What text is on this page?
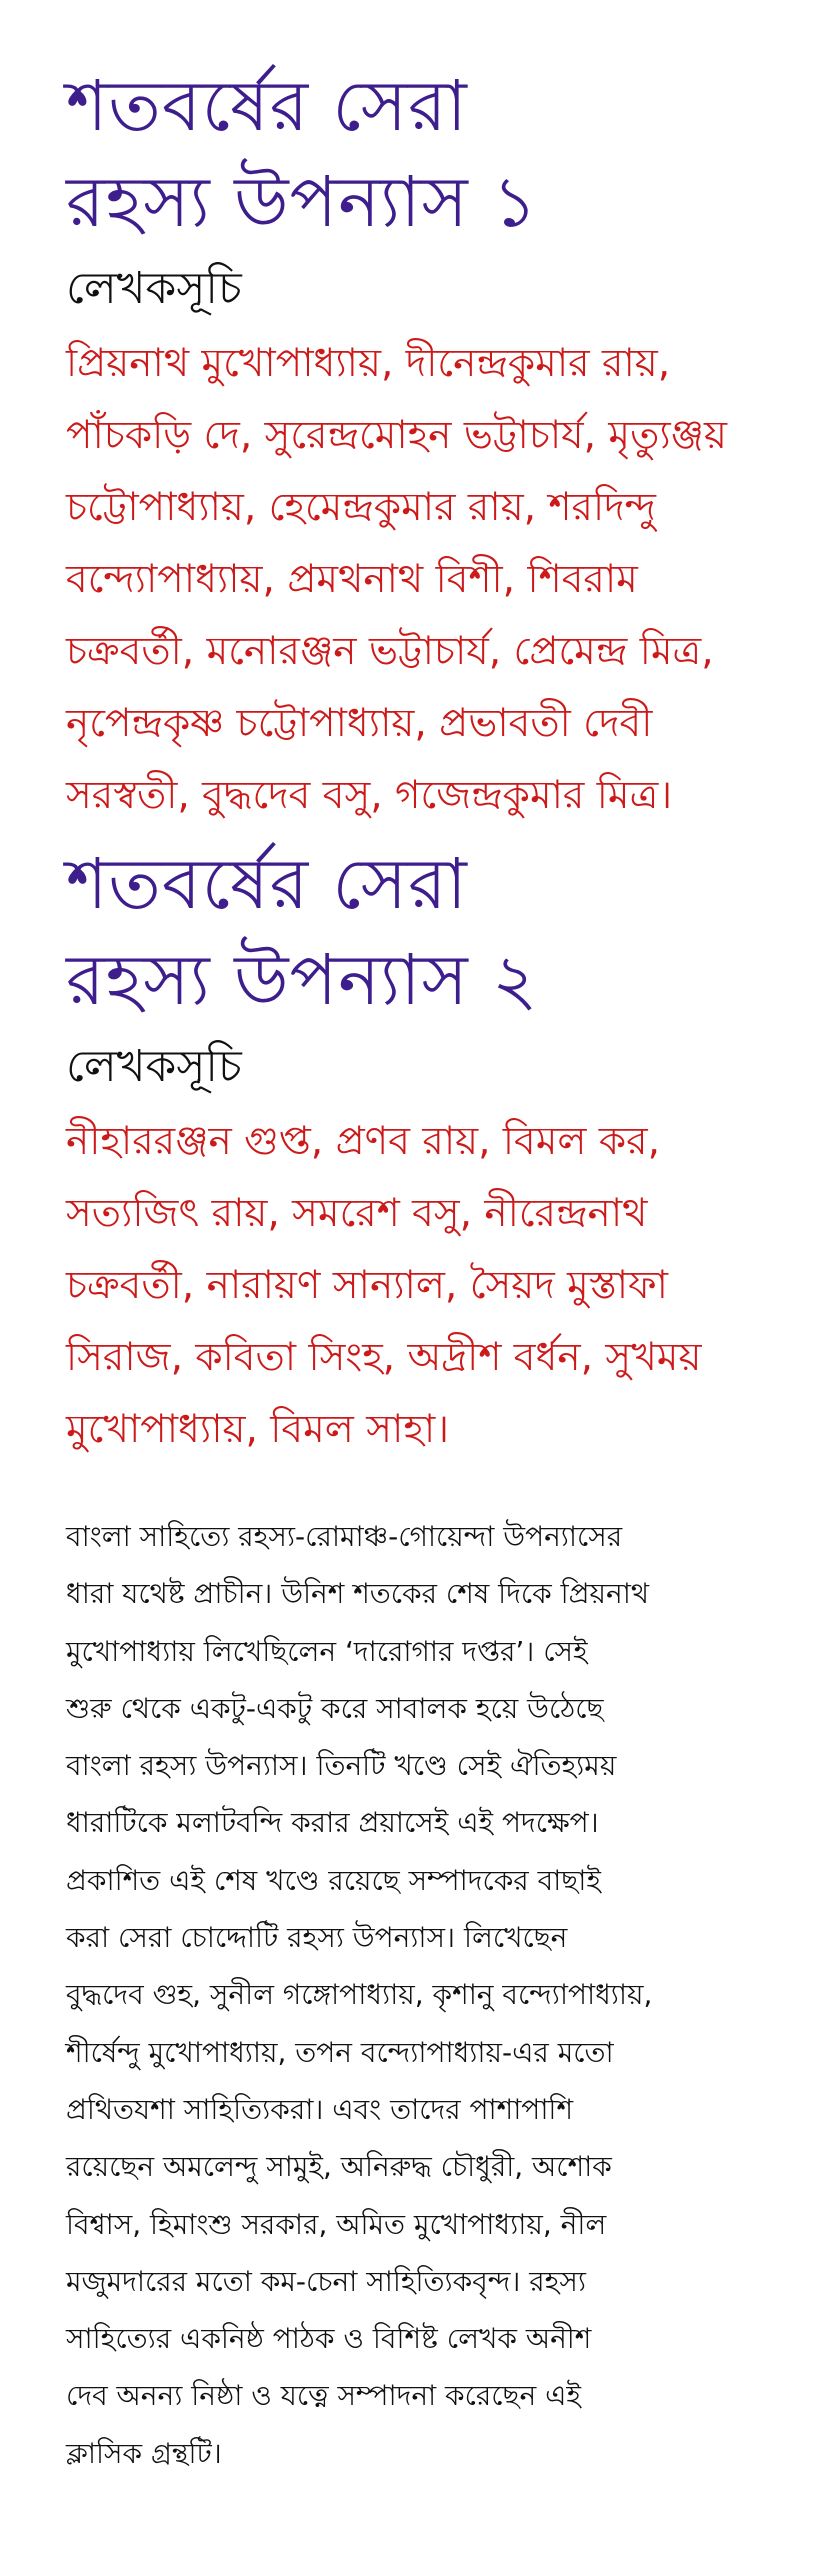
শতবর্ষের সেরা
রহস্য উপন্যাস ১
লেখকসূচি
প্রিয়নাথ মুখোপাধ্যায়, দীনেন্দ্রকুমার রায়,
পাঁচকড়ি দে, সুরেন্দ্রমোহন ভট্টাচার্য, মৃত্যুঞ্জয়
চট্টোপাধ্যায়, হেমেন্দ্রকুমার রায়, শরদিন্দু
বন্দ্যোপাধ্যায়, প্রমথনাথ বিশী, শিবরাম
চক্রবর্তী, মনোরঞ্জন ভট্টাচার্য, প্রেমেন্দ্র মিত্র,
নৃপেন্দ্রকৃষ্ণ চট্টোপাধ্যায়, প্রভাবতী দেবী
সরস্বতী, বুদ্ধদেব বসু, গজেন্দ্রকুমার মিত্র।
শতবর্ষের সেরা
রহস্য উপন্যাস ২
লেখকসূচি
নীহাররঞ্জন গুপ্ত, প্রণব রায়, বিমল কর,
সত্যজিৎ রায়, সমরেশ বসু, নীরেন্দ্রনাথ
চক্রবর্তী, নারায়ণ সান্যাল, সৈয়দ মুস্তাফা
সিরাজ, কবিতা সিংহ, অদ্রীশ বর্ধন, সুখময়
মুখোপাধ্যায়, বিমল সাহা।
বাংলা সাহিত্যে রহস্য-রোমাঞ্চ-গোয়েন্দা উপন্যাসের
ধারা যথেষ্ট প্রাচীন। উনিশ শতকের শেষ দিকে প্রিয়নাথ
মুখোপাধ্যায় লিখেছিলেন ‘দারোগার দপ্তর’। সেই
শুরু থেকে একটু-একটু করে সাবালক হয়ে উঠেছে
বাংলা রহস্য উপন্যাস। তিনটি খণ্ডে সেই ঐতিহ্যময়
ধারাটিকে মলাটবন্দি করার প্রয়াসেই এই পদক্ষেপ।
প্রকাশিত এই শেষ খণ্ডে রয়েছে সম্পাদকের বাছাই
করা সেরা চোদ্দোটি রহস্য উপন্যাস। লিখেছেন
বুদ্ধদেব গুহ, সুনীল গঙ্গোপাধ্যায়, কৃশানু বন্দ্যোপাধ্যায়,
শীর্ষেন্দু মুখোপাধ্যায়, তপন বন্দ্যোপাধ্যায়-এর মতো
প্রথিতযশা সাহিত্যিকরা। এবং তাদের পাশাপাশি
রয়েছেন অমলেন্দু সামুই, অনিরুদ্ধ চৌধুরী, অশোক
বিশ্বাস, হিমাংশু সরকার, অমিত মুখোপাধ্যায়, নীল
মজুমদারের মতো কম-চেনা সাহিত্যিকবৃন্দ। রহস্য
সাহিত্যের একনিষ্ঠ পাঠক ও বিশিষ্ট লেখক অনীশ
দেব অনন্য নিষ্ঠা ও যত্নে সম্পাদনা করেছেন এই
ক্লাসিক গ্রন্থটি।
